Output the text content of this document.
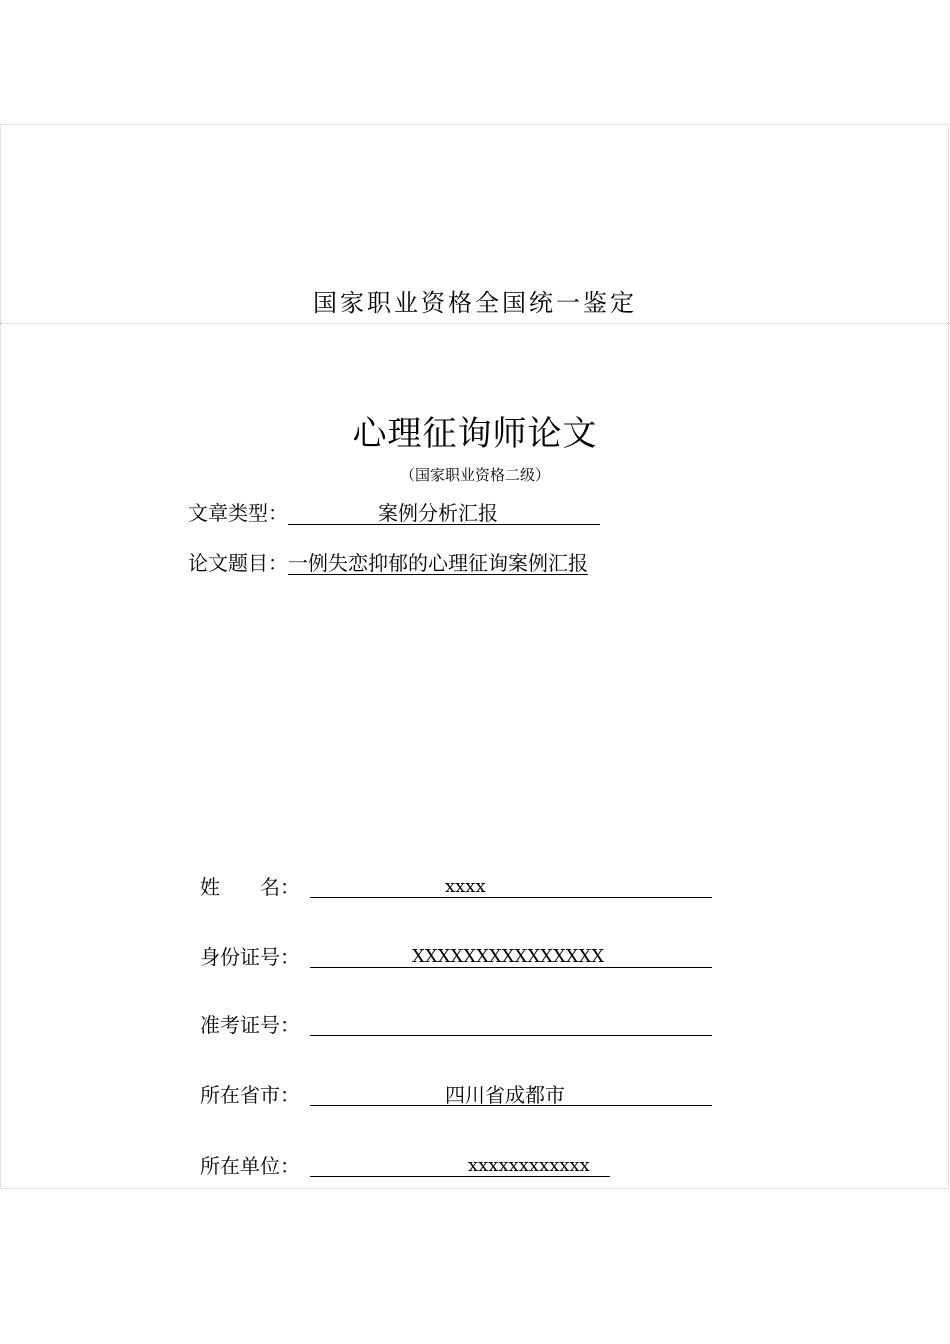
国家职业资格全国统一鉴定
心理征询师论文
（国家职业资格二级）
文章类型：	案例分析汇报
论文题目：一例失恋抑郁的心理征询案例汇报
姓　　名：	xxxx
身份证号：	XXXXXXXXXXXXXXX
准考证号：
所在省市：	四川省成都市
所在单位：	xxxxxxxxxxxx
